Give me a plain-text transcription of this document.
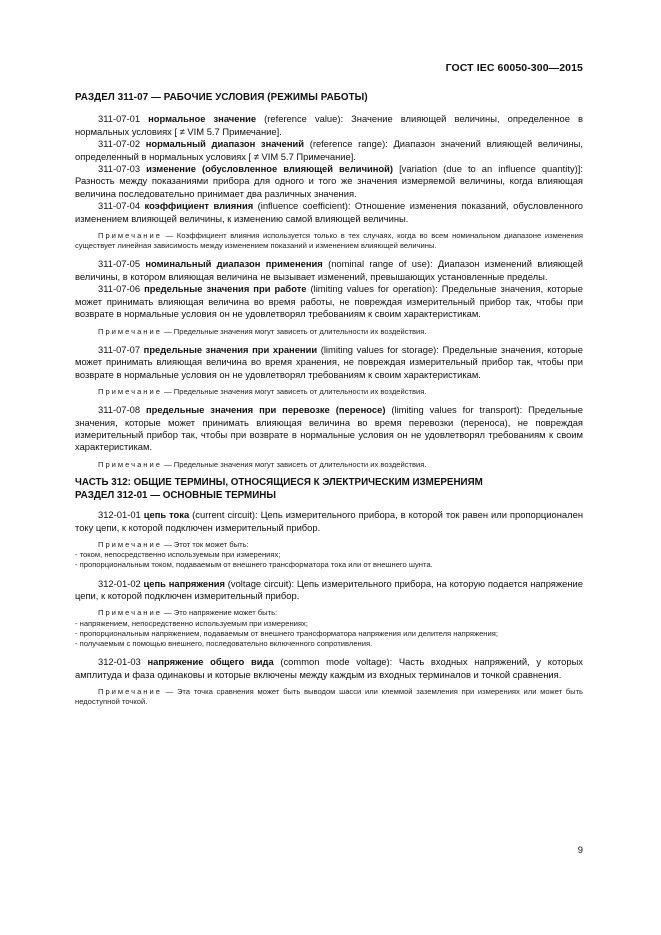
ГОСТ IEC 60050-300—2015

РАЗДЕЛ 311-07 — РАБОЧИЕ УСЛОВИЯ (РЕЖИМЫ РАБОТЫ)

311-07-01 нормальное значение (reference value): Значение влияющей величины, определенное в нормальных условиях [ ≠ VIM 5.7 Примечание].

311-07-02 нормальный диапазон значений (reference range): Диапазон значений влияющей величины, определенный в нормальных условиях [ ≠ VIM 5.7 Примечание].

311-07-03 изменение (обусловленное влияющей величиной) [variation (due to an influence quantity)]: Разность между показаниями прибора для одного и того же значения измеряемой величины, когда влияющая величина последовательно принимает два различных значения.

311-07-04 коэффициент влияния (influence coefficient): Отношение изменения показаний, обусловленного изменением влияющей величины, к изменению самой влияющей величины.

Примечание — Коэффициент влияния используется только в тех случаях, когда во всем номинальном диапазоне изменения существует линейная зависимость между изменением показаний и изменением влияющей величины.

311-07-05 номинальный диапазон применения (nominal range of use): Диапазон изменений влияющей величины, в котором влияющая величина не вызывает изменений, превышающих установленные пределы.

311-07-06 предельные значения при работе (limiting values for operation): Предельные значения, которые может принимать влияющая величина во время работы, не повреждая измерительный прибор так, чтобы при возврате в нормальные условия он не удовлетворял требованиям к своим характеристикам.

Примечание — Предельные значения могут зависеть от длительности их воздействия.

311-07-07 предельные значения при хранении (limiting values for storage): Предельные значения, которые может принимать влияющая величина во время хранения, не повреждая измерительный прибор так, чтобы при возврате в нормальные условия он не удовлетворял требованиям к своим характеристикам.

Примечание — Предельные значения могут зависеть от длительности их воздействия.

311-07-08 предельные значения при перевозке (переносе) (limiting values for transport): Предельные значения, которые может принимать влияющая величина во время перевозки (переноса), не повреждая измерительный прибор так, чтобы при возврате в нормальные условия он не удовлетворял требованиям к своим характеристикам.

Примечание — Предельные значения могут зависеть от длительности их воздействия.

ЧАСТЬ 312: ОБЩИЕ ТЕРМИНЫ, ОТНОСЯЩИЕСЯ К ЭЛЕКТРИЧЕСКИМ ИЗМЕРЕНИЯМ
РАЗДЕЛ 312-01 — ОСНОВНЫЕ ТЕРМИНЫ

312-01-01 цепь тока (current circuit): Цепь измерительного прибора, в которой ток равен или пропорционален току цепи, к которой подключен измерительный прибор.

Примечание — Этот ток может быть:

- током, непосредственно используемым при измерениях;

- пропорциональным током, подаваемым от внешнего трансформатора тока или от внешнего шунта.

312-01-02 цепь напряжения (voltage circuit): Цепь измерительного прибора, на которую подается напряжение цепи, к которой подключен измерительный прибор.

Примечание — Это напряжение может быть:

- напряжением, непосредственно используемым при измерениях;

- пропорциональным напряжением, подаваемым от внешнего трансформатора напряжения или делителя напряжения;

- получаемым с помощью внешнего, последовательно включенного сопротивления.

312-01-03 напряжение общего вида (common mode voltage): Часть входных напряжений, у которых амплитуда и фаза одинаковы и которые включены между каждым из входных терминалов и точкой сравнения.

Примечание — Эта точка сравнения может быть выводом шасси или клеммой заземления при измерениях или может быть недоступной точкой.

9
